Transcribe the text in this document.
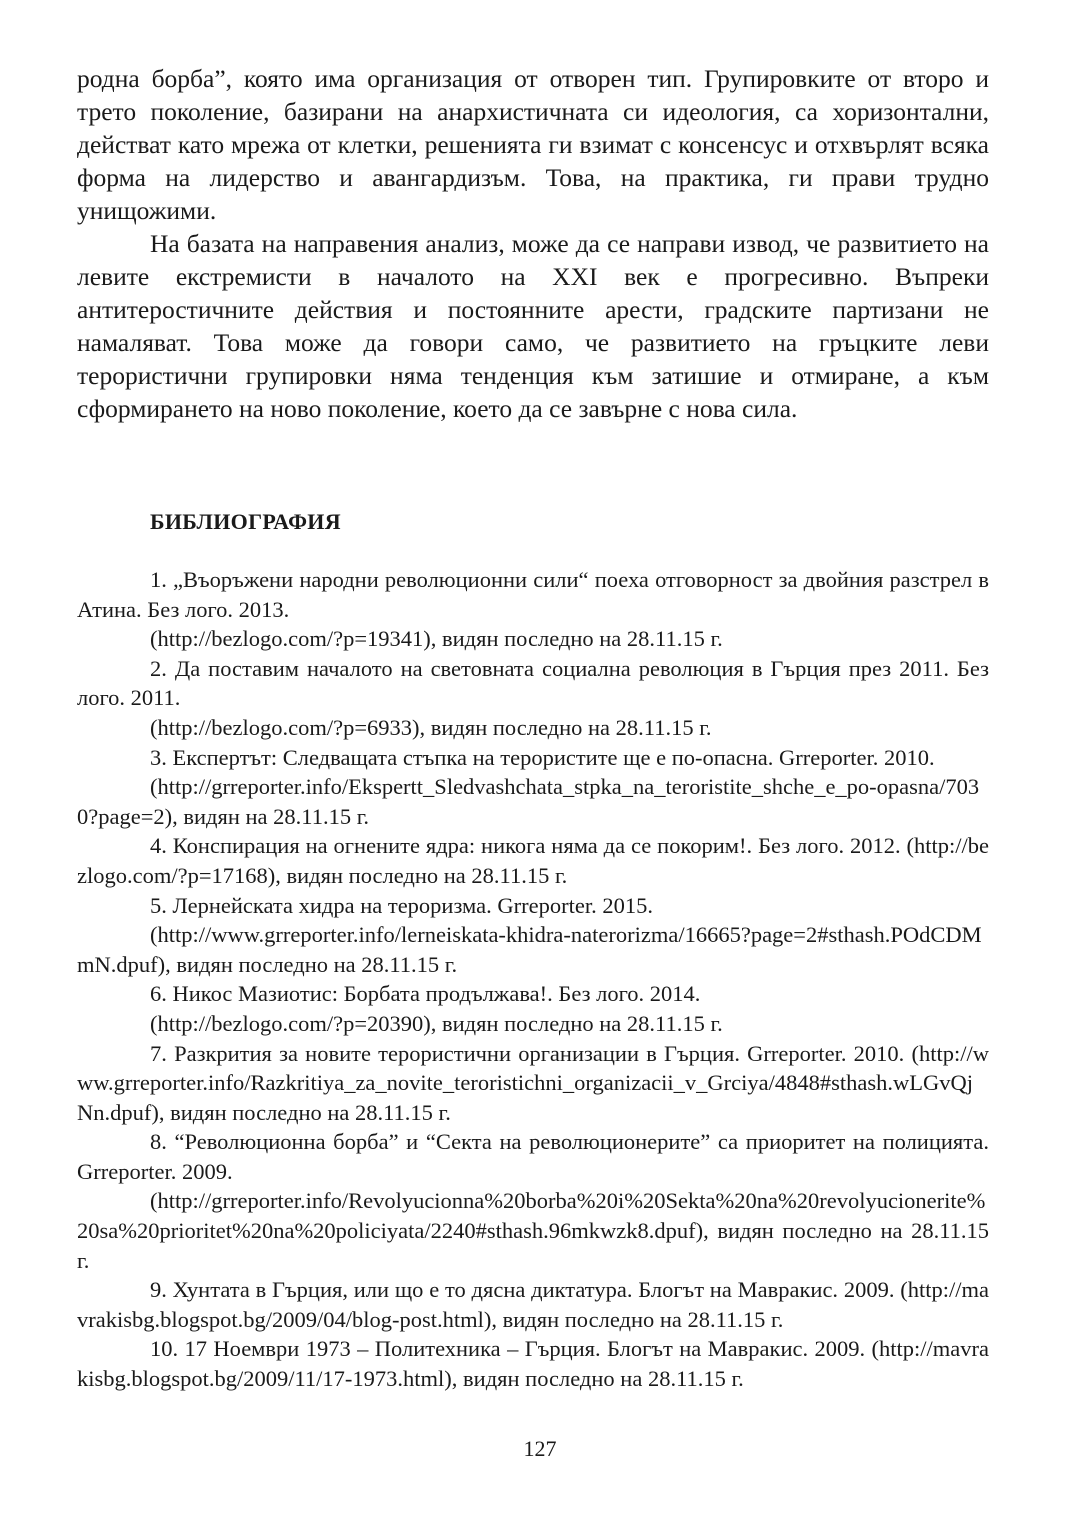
родна борба”, която има организация от отворен тип. Групировките от второ и трето поколение, базирани на анархистичната си идеология, са хоризонтални, действат като мрежа от клетки, решенията ги взимат с консенсус и отхвърлят всяка форма на лидерство и авангардизъм. Това, на практика, ги прави трудно унищожими.

На базата на направения анализ, може да се направи извод, че развитието на левите екстремисти в началото на XXI век е прогресивно. Въпреки антитеростичните действия и постоянните арести, градските партизани не намаляват. Това може да говори само, че развитието на гръцките леви терористични групировки няма тенденция към затишие и отмиране, а към сформирането на ново поколение, което да се завърне с нова сила.

БИБЛИОГРАФИЯ

1. „Въоръжени народни революционни сили“ поеха отговорност за двойния разстрел в Атина. Без лого. 2013.

(http://bezlogo.com/?p=19341), видян последно на 28.11.15 г.

2. Да поставим началото на световната социална революция в Гърция през 2011. Без лого. 2011.

(http://bezlogo.com/?p=6933), видян последно на 28.11.15 г.

3. Експертът: Следващата стъпка на терористите ще е по-опасна. Grreporter. 2010.

(http://grreporter.info/Ekspertt_Sledvashchata_stpka_na_teroristite_shche_e_po-opasna/7030?page=2), видян на 28.11.15 г.

4. Конспирация на огнените ядра: никога няма да се покорим!. Без лого. 2012. (http://bezlogo.com/?p=17168), видян последно на 28.11.15 г.

5. Лернейската хидра на тероризма. Grreporter. 2015.

(http://www.grreporter.info/lerneiskata-khidra-naterorizma/16665?page=2#sthash.POdCDMmN.dpuf), видян последно на 28.11.15 г.

6. Никос Мазиотис: Борбата продължава!. Без лого. 2014.

(http://bezlogo.com/?p=20390), видян последно на 28.11.15 г.

7. Разкрития за новите терористични организации в Гърция. Grreporter. 2010. (http://www.grreporter.info/Razkritiya_za_novite_teroristichni_organizacii_v_Grciya/4848#sthash.wLGvQjNn.dpuf), видян последно на 28.11.15 г.

8. “Революционна борба” и “Секта на революционерите” са приоритет на полицията. Grreporter. 2009.

(http://grreporter.info/Revolyucionna%20borba%20i%20Sekta%20na%20revolyucionerite%20sa%20prioritet%20na%20policiyata/2240#sthash.96mkwzk8.dpuf), видян последно на 28.11.15 г.

9. Хунтата в Гърция, или що е то дясна диктатура. Блогът на Мавракис. 2009. (http://mavrakisbg.blogspot.bg/2009/04/blog-post.html), видян последно на 28.11.15 г.

10. 17 Ноември 1973 – Политехника – Гърция. Блогът на Мавракис. 2009. (http://mavrakisbg.blogspot.bg/2009/11/17-1973.html), видян последно на 28.11.15 г.

127
